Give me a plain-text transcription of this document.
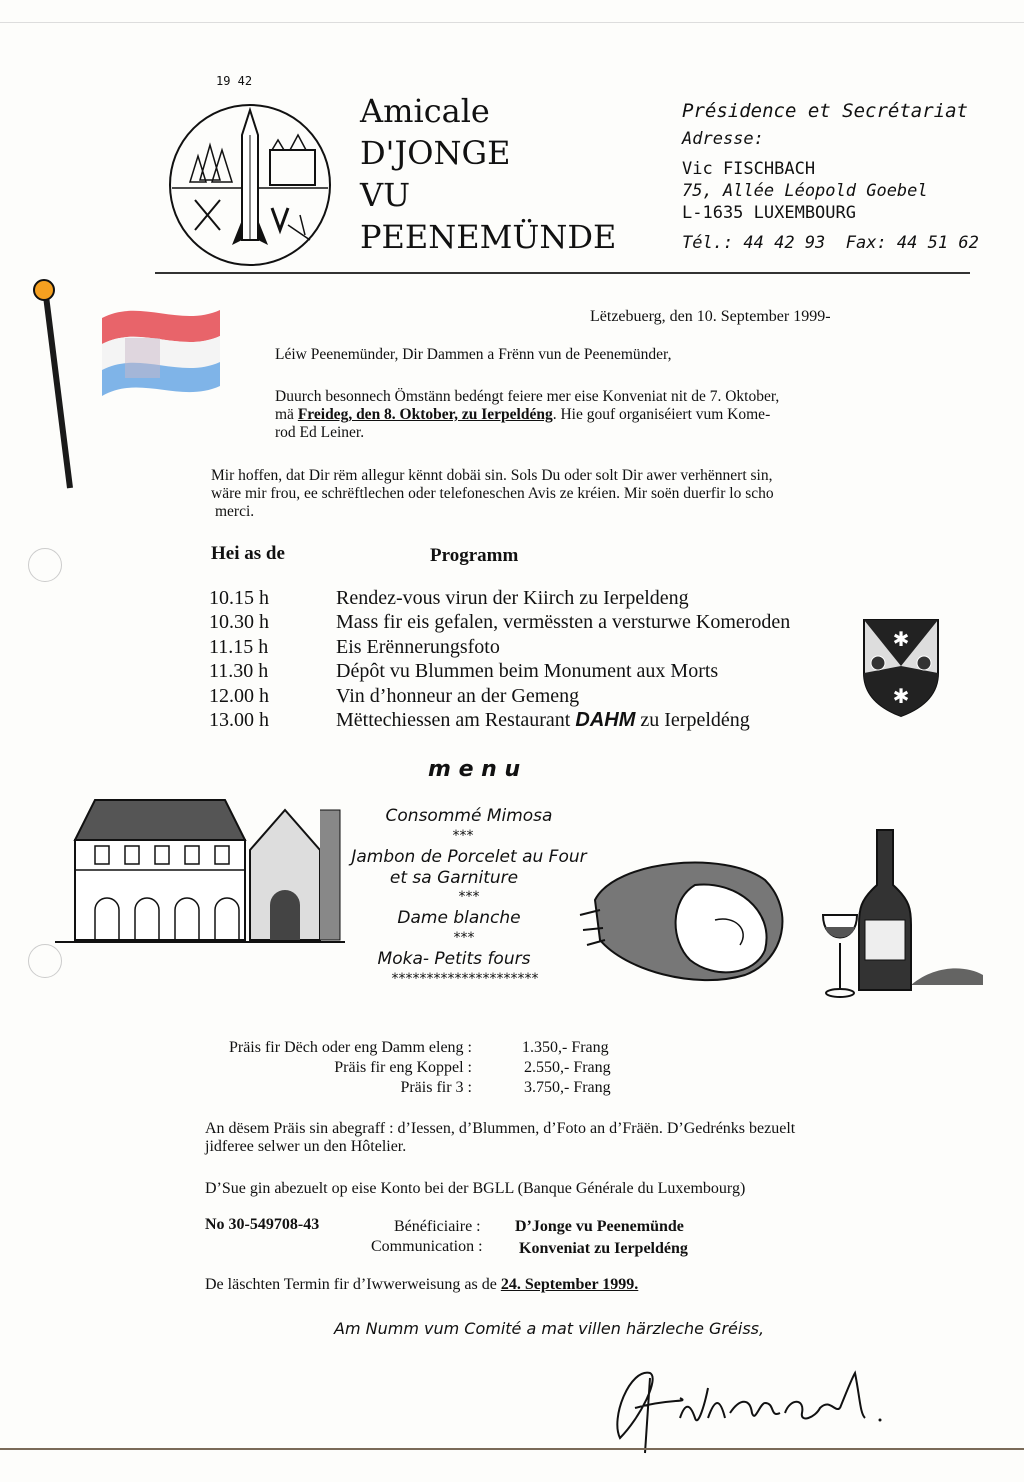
19 42
Amicale
D'JONGE
VU
PEENEMÜNDE
Présidence et Secrétariat
Adresse:
Vic FISCHBACH
75, Allée Léopold Goebel
L-1635 LUXEMBOURG
Tél.: 44 42 93  Fax: 44 51 62
Lëtzebuerg, den 10. September 1999-
Léiw Peenemünder, Dir Dammen a Frënn vun de Peenemünder,
Duurch besonnech Ömstänn bedéngt feiere mer eise Konveniat nit de 7. Oktober,
mä Freideg, den 8. Oktober, zu Ierpeldéng. Hie gouf organiséiert vum Kome-
rod Ed Leiner.
Mir hoffen, dat Dir rëm allegur kënnt dobäi sin. Sols Du oder solt Dir awer verhënnert sin,
wäre mir frou, ee schrëftlechen oder telefoneschen Avis ze kréien. Mir soën duerfir lo scho
merci.
Hei as de	Programm
10.15 h	Rendez-vous virun der Kiirch zu Ierpeldeng
10.30 h	Mass fir eis gefalen, vermëssten a versturwe Komeroden
11.15 h	Eis Erënnerungsfoto
11.30 h	Dépôt vu Blummen beim Monument aux Morts
12.00 h	Vin d’honneur an der Gemeng
13.00 h	Mëttechiessen am Restaurant DAHM zu Ierpeldéng
✱
✱
m e n u
Consommé Mimosa
***
Jambon de Porcelet au Four
et sa Garniture
***
Dame blanche
***
Moka- Petits fours
*********************
Präis fir Dëch oder eng Damm eleng :	1.350,- Frang
Präis fir eng Koppel :	2.550,- Frang
Präis fir 3 :	3.750,- Frang
An dësem Präis sin abegraff : d’Iessen, d’Blummen, d’Foto an d’Fräën. D’Gedrénks bezuelt
jidferee selwer un den Hôtelier.
D’Sue gin abezuelt op eise Konto bei der BGLL (Banque Générale du Luxembourg)
No 30-549708-43	Bénéficiaire : D’Jonge vu Peenemünde
Communication : Konveniat zu Ierpeldéng
De läschten Termin fir d’Iwwerweisung as de 24. September 1999.
Am Numm vum Comité a mat villen härzleche Gréiss,
